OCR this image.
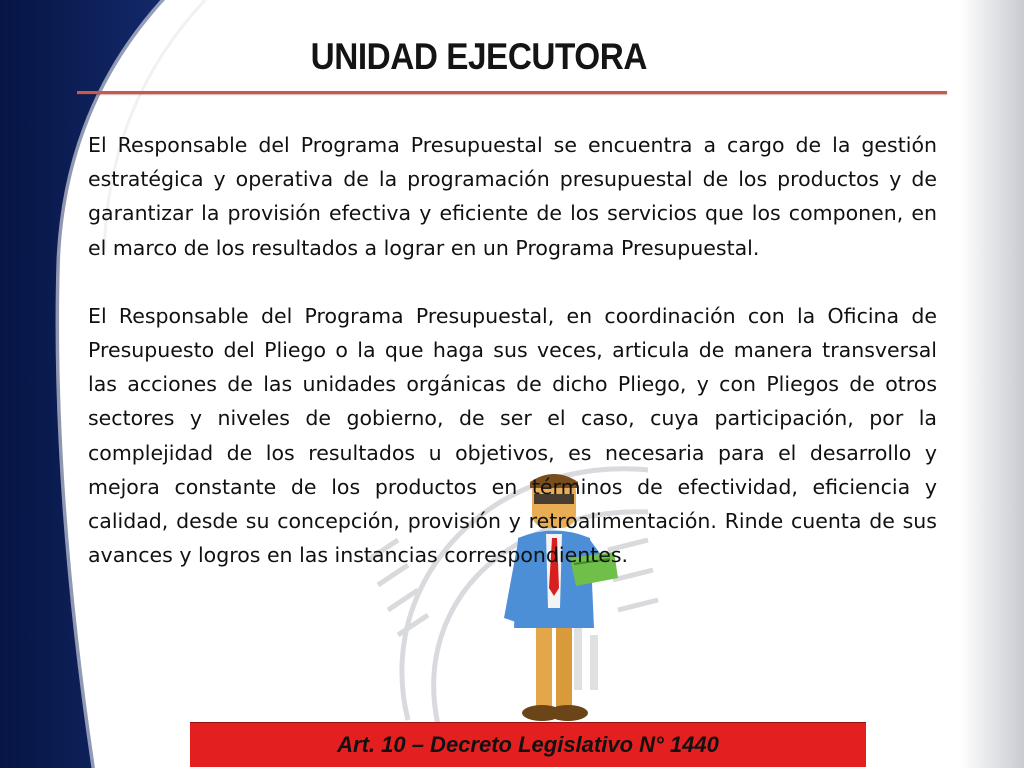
UNIDAD EJECUTORA

El Responsable del Programa Presupuestal se encuentra a cargo de la gestión estratégica y operativa de la programación presupuestal de los productos y de garantizar la provisión efectiva y eficiente de los servicios que los componen, en el marco de los resultados a lograr en un Programa Presupuestal.

El Responsable del Programa Presupuestal, en coordinación con la Oficina de Presupuesto del Pliego o la que haga sus veces, articula de manera transversal las acciones de las unidades orgánicas de dicho Pliego, y con Pliegos de otros sectores y niveles de gobierno, de ser el caso, cuya participación, por la complejidad de los resultados u objetivos, es necesaria para el desarrollo y mejora constante de los productos en términos de efectividad, eficiencia y calidad, desde su concepción, provisión y retroalimentación. Rinde cuenta de sus avances y logros en las instancias correspondientes.

Art. 10 – Decreto Legislativo N° 1440
